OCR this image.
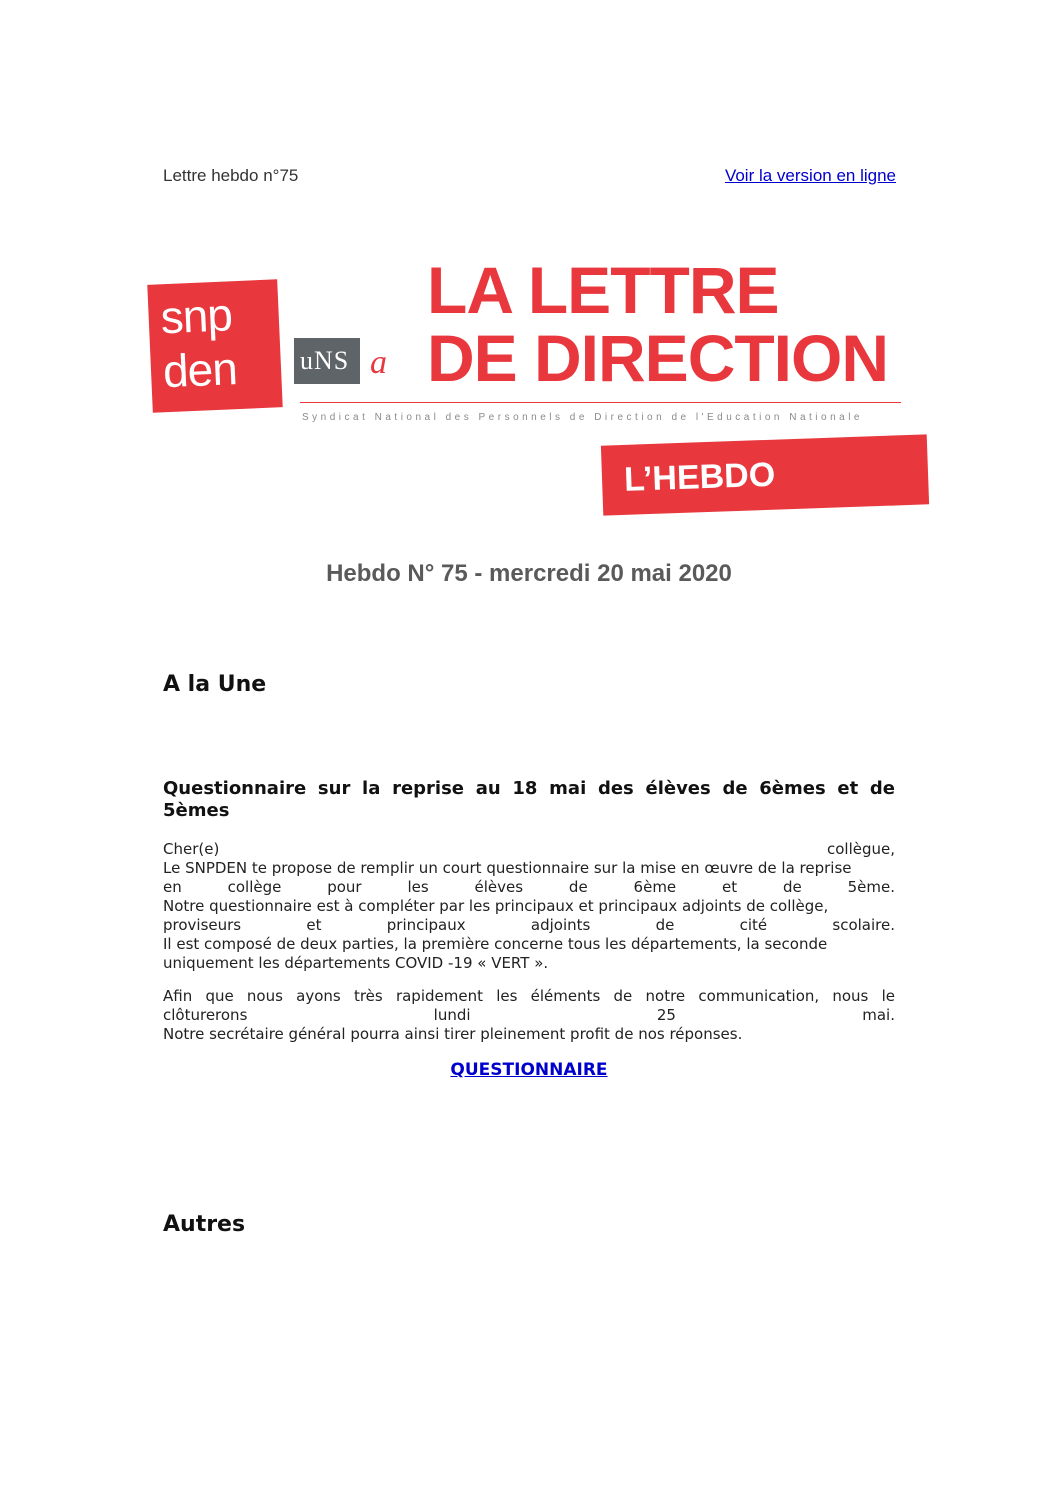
Lettre hebdo n°75	Voir la version en ligne
snp
den uNS a
LA LETTRE
DE DIRECTION
Syndicat National des Personnels de Direction de l'Education Nationale
L’HEBDO
Hebdo N° 75 - mercredi 20 mai 2020
A la Une
Questionnaire sur la reprise au 18 mai des élèves de 6èmes et de 5èmes

Cher(e) collègue,
Le SNPDEN te propose de remplir un court questionnaire sur la mise en œuvre de la reprise
en collège pour les élèves de 6ème et de 5ème.
Notre questionnaire est à compléter par les principaux et principaux adjoints de collège,
proviseurs et principaux adjoints de cité scolaire.
Il est composé de deux parties, la première concerne tous les départements, la seconde
uniquement les départements COVID -19 « VERT ».

Afin que nous ayons très rapidement les éléments de notre communication, nous le
clôturerons lundi 25 mai.
Notre secrétaire général pourra ainsi tirer pleinement profit de nos réponses.

QUESTIONNAIRE
Autres
